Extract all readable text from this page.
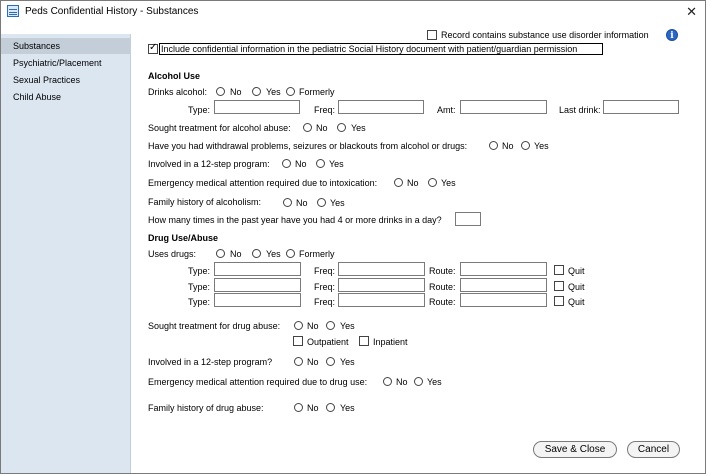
Peds Confidential History - Substances	✕
Substances
Psychiatric/Placement
Sexual Practices
Child Abuse
Record contains substance use disorder information	i
✓
Include confidential information in the pediatric Social History document with patient/guardian permission
Alcohol Use
Drinks alcohol:	No	Yes Formerly
Type:	Freq:	Amt:	Last drink:
Sought treatment for alcohol abuse:	No	Yes
Have you had withdrawal problems, seizures or blackouts from alcohol or drugs:	No Yes
Involved in a 12-step program:	No Yes
Emergency medical attention required due to intoxication:	No Yes
Family history of alcoholism:	No Yes
How many times in the past year have you had 4 or more drinks in a day?
Drug Use/Abuse
Uses drugs:	No	Yes Formerly
Type:	Freq:	Route:	Quit
Type:	Freq:	Route:	Quit
Type:	Freq:	Route:	Quit
Sought treatment for drug abuse:	No Yes
Outpatient	Inpatient
Involved in a 12-step program?	No Yes
Emergency medical attention required due to drug use:	No Yes
Family history of drug abuse:	No Yes
Save & Close	Cancel
